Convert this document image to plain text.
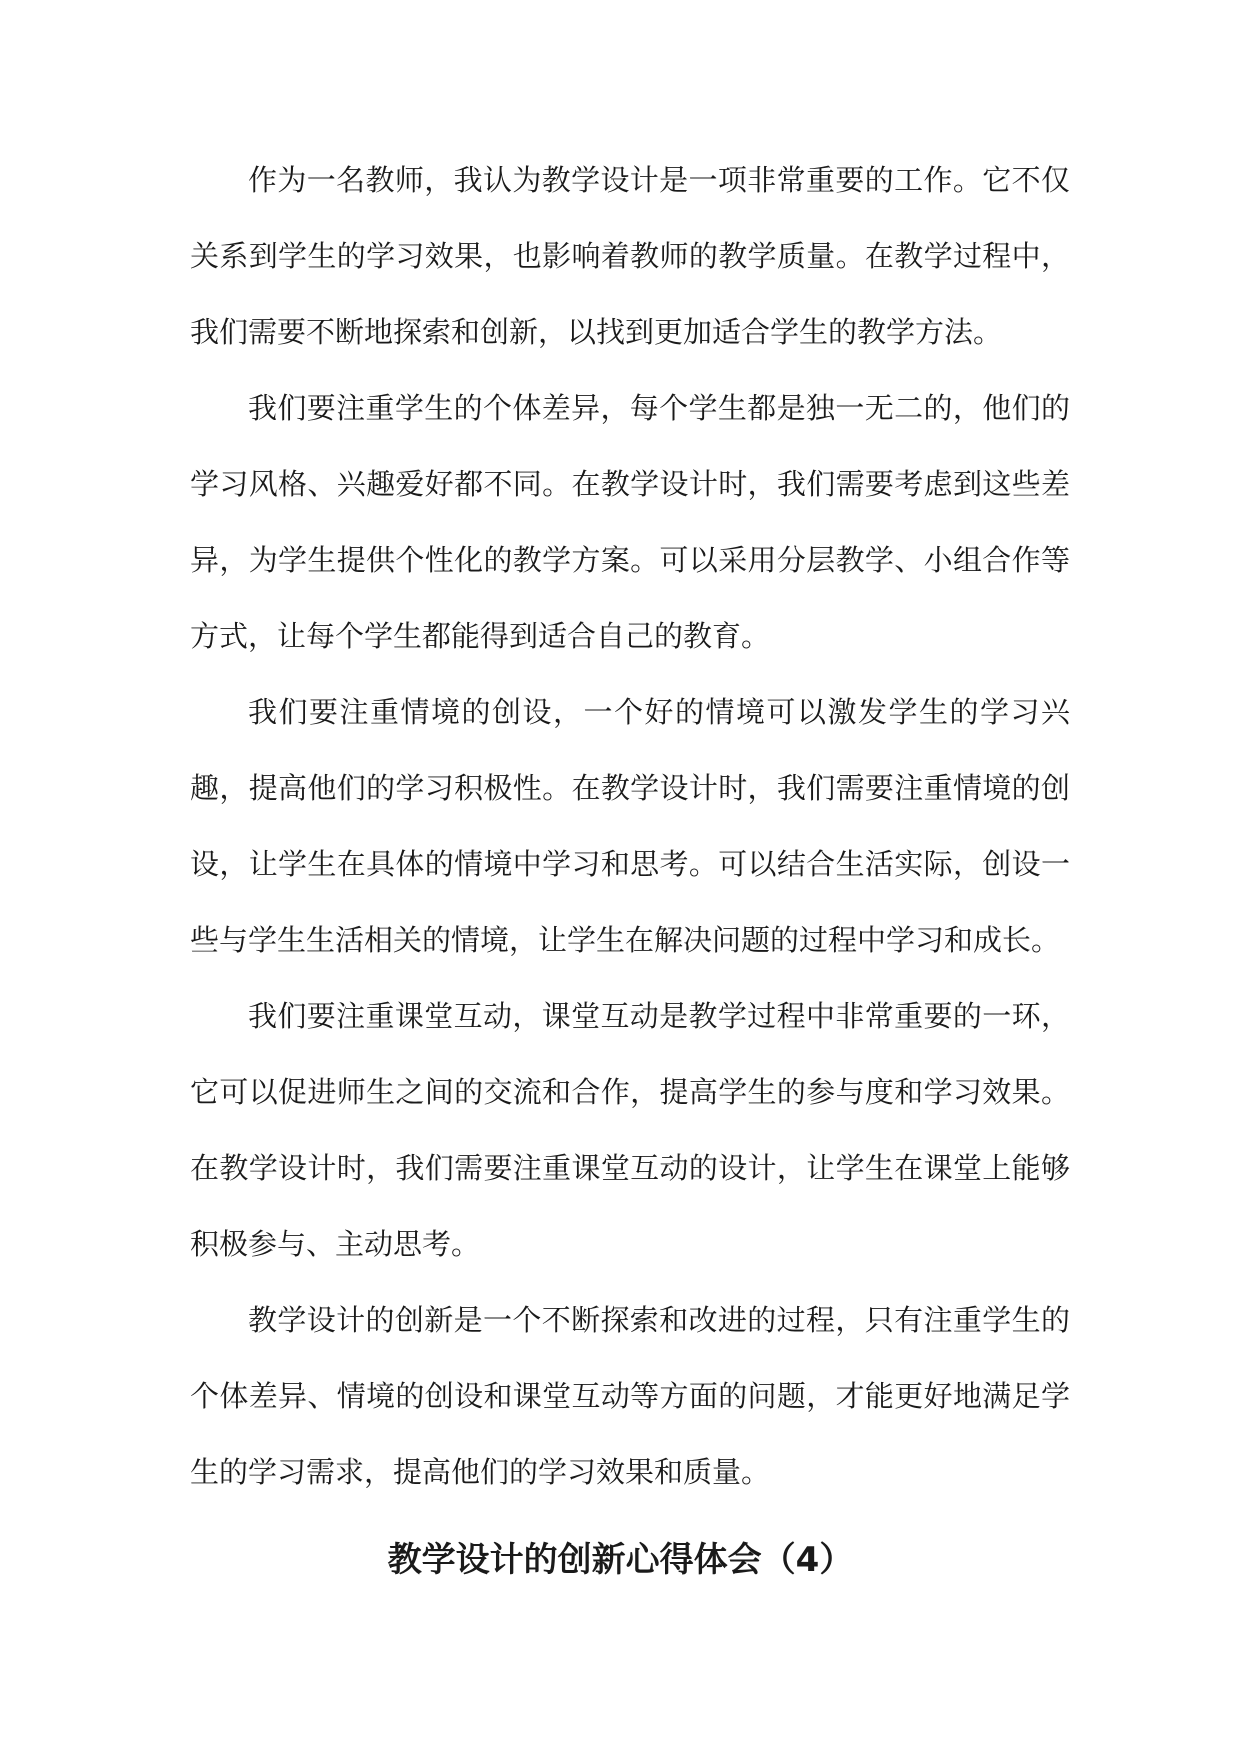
作为一名教师，我认为教学设计是一项非常重要的工作。它不仅关系到学生的学习效果，也影响着教师的教学质量。在教学过程中，我们需要不断地探索和创新，以找到更加适合学生的教学方法。

我们要注重学生的个体差异，每个学生都是独一无二的，他们的学习风格、兴趣爱好都不同。在教学设计时，我们需要考虑到这些差异，为学生提供个性化的教学方案。可以采用分层教学、小组合作等方式，让每个学生都能得到适合自己的教育。

我们要注重情境的创设，一个好的情境可以激发学生的学习兴趣，提高他们的学习积极性。在教学设计时，我们需要注重情境的创设，让学生在具体的情境中学习和思考。可以结合生活实际，创设一些与学生生活相关的情境，让学生在解决问题的过程中学习和成长。

我们要注重课堂互动，课堂互动是教学过程中非常重要的一环，它可以促进师生之间的交流和合作，提高学生的参与度和学习效果。在教学设计时，我们需要注重课堂互动的设计，让学生在课堂上能够积极参与、主动思考。

教学设计的创新是一个不断探索和改进的过程，只有注重学生的个体差异、情境的创设和课堂互动等方面的问题，才能更好地满足学生的学习需求，提高他们的学习效果和质量。

教学设计的创新心得体会（4）
